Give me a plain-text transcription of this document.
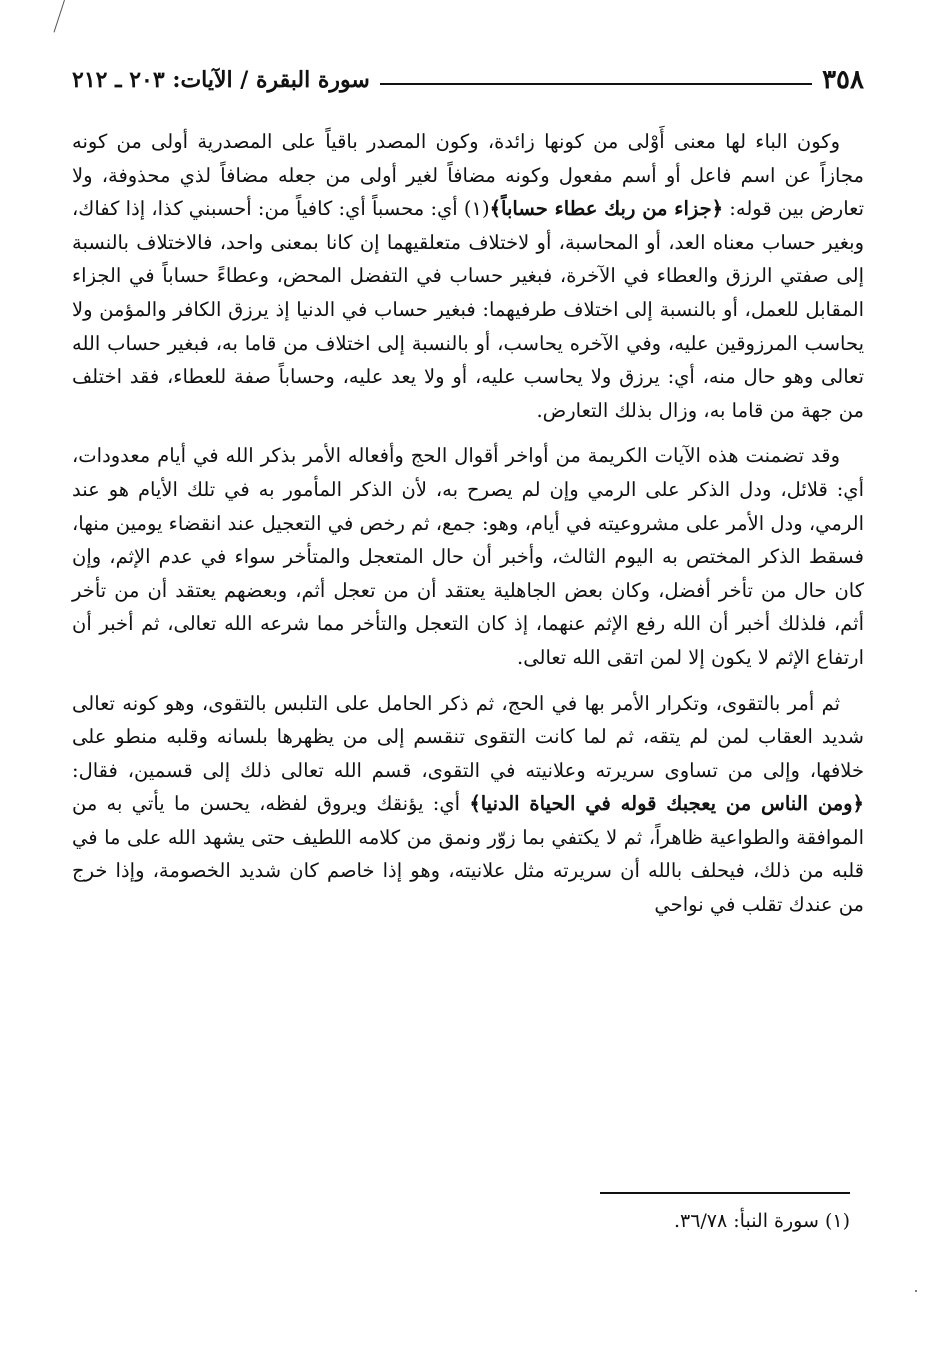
٣٥٨
سورة البقرة / الآيات: ٢٠٣ ـ ٢١٢

وكون الباء لها معنى أَوْلى من كونها زائدة، وكون المصدر باقياً على المصدرية أولى من كونه مجازاً عن اسم فاعل أو أسم مفعول وكونه مضافاً لغير أولى من جعله مضافاً لذي محذوفة، ولا تعارض بين قوله: ﴿جزاء من ربك عطاء حساباً﴾(١) أي: محسباً أي: كافياً من: أحسبني كذا، إذا كفاك، وبغير حساب معناه العد، أو المحاسبة، أو لاختلاف متعلقيهما إن كانا بمعنى واحد، فالاختلاف بالنسبة إلى صفتي الرزق والعطاء في الآخرة، فبغير حساب في التفضل المحض، وعطاءً حساباً في الجزاء المقابل للعمل، أو بالنسبة إلى اختلاف طرفيهما: فبغير حساب في الدنيا إذ يرزق الكافر والمؤمن ولا يحاسب المرزوقين عليه، وفي الآخره يحاسب، أو بالنسبة إلى اختلاف من قاما به، فبغير حساب الله تعالى وهو حال منه، أي: يرزق ولا يحاسب عليه، أو ولا يعد عليه، وحساباً صفة للعطاء، فقد اختلف من جهة من قاما به، وزال بذلك التعارض.

وقد تضمنت هذه الآيات الكريمة من أواخر أقوال الحج وأفعاله الأمر بذكر الله في أيام معدودات، أي: قلائل، ودل الذكر على الرمي وإن لم يصرح به، لأن الذكر المأمور به في تلك الأيام هو عند الرمي، ودل الأمر على مشروعيته في أيام، وهو: جمع، ثم رخص في التعجيل عند انقضاء يومين منها، فسقط الذكر المختص به اليوم الثالث، وأخبر أن حال المتعجل والمتأخر سواء في عدم الإثم، وإن كان حال من تأخر أفضل، وكان بعض الجاهلية يعتقد أن من تعجل أثم، وبعضهم يعتقد أن من تأخر أثم، فلذلك أخبر أن الله رفع الإثم عنهما، إذ كان التعجل والتأخر مما شرعه الله تعالى، ثم أخبر أن ارتفاع الإثم لا يكون إلا لمن اتقى الله تعالى.

ثم أمر بالتقوى، وتكرار الأمر بها في الحج، ثم ذكر الحامل على التلبس بالتقوى، وهو كونه تعالى شديد العقاب لمن لم يتقه، ثم لما كانت التقوى تنقسم إلى من يظهرها بلسانه وقلبه منطو على خلافها، وإلى من تساوى سريرته وعلانيته في التقوى، قسم الله تعالى ذلك إلى قسمين، فقال: ﴿ومن الناس من يعجبك قوله في الحياة الدنيا﴾ أي: يؤنقك ويروق لفظه، يحسن ما يأتي به من الموافقة والطواعية ظاهراً، ثم لا يكتفي بما زوّر ونمق من كلامه اللطيف حتى يشهد الله على ما في قلبه من ذلك، فيحلف بالله أن سريرته مثل علانيته، وهو إذا خاصم كان شديد الخصومة، وإذا خرج من عندك تقلب في نواحي

(١) سورة النبأ: ٣٦/٧٨.
